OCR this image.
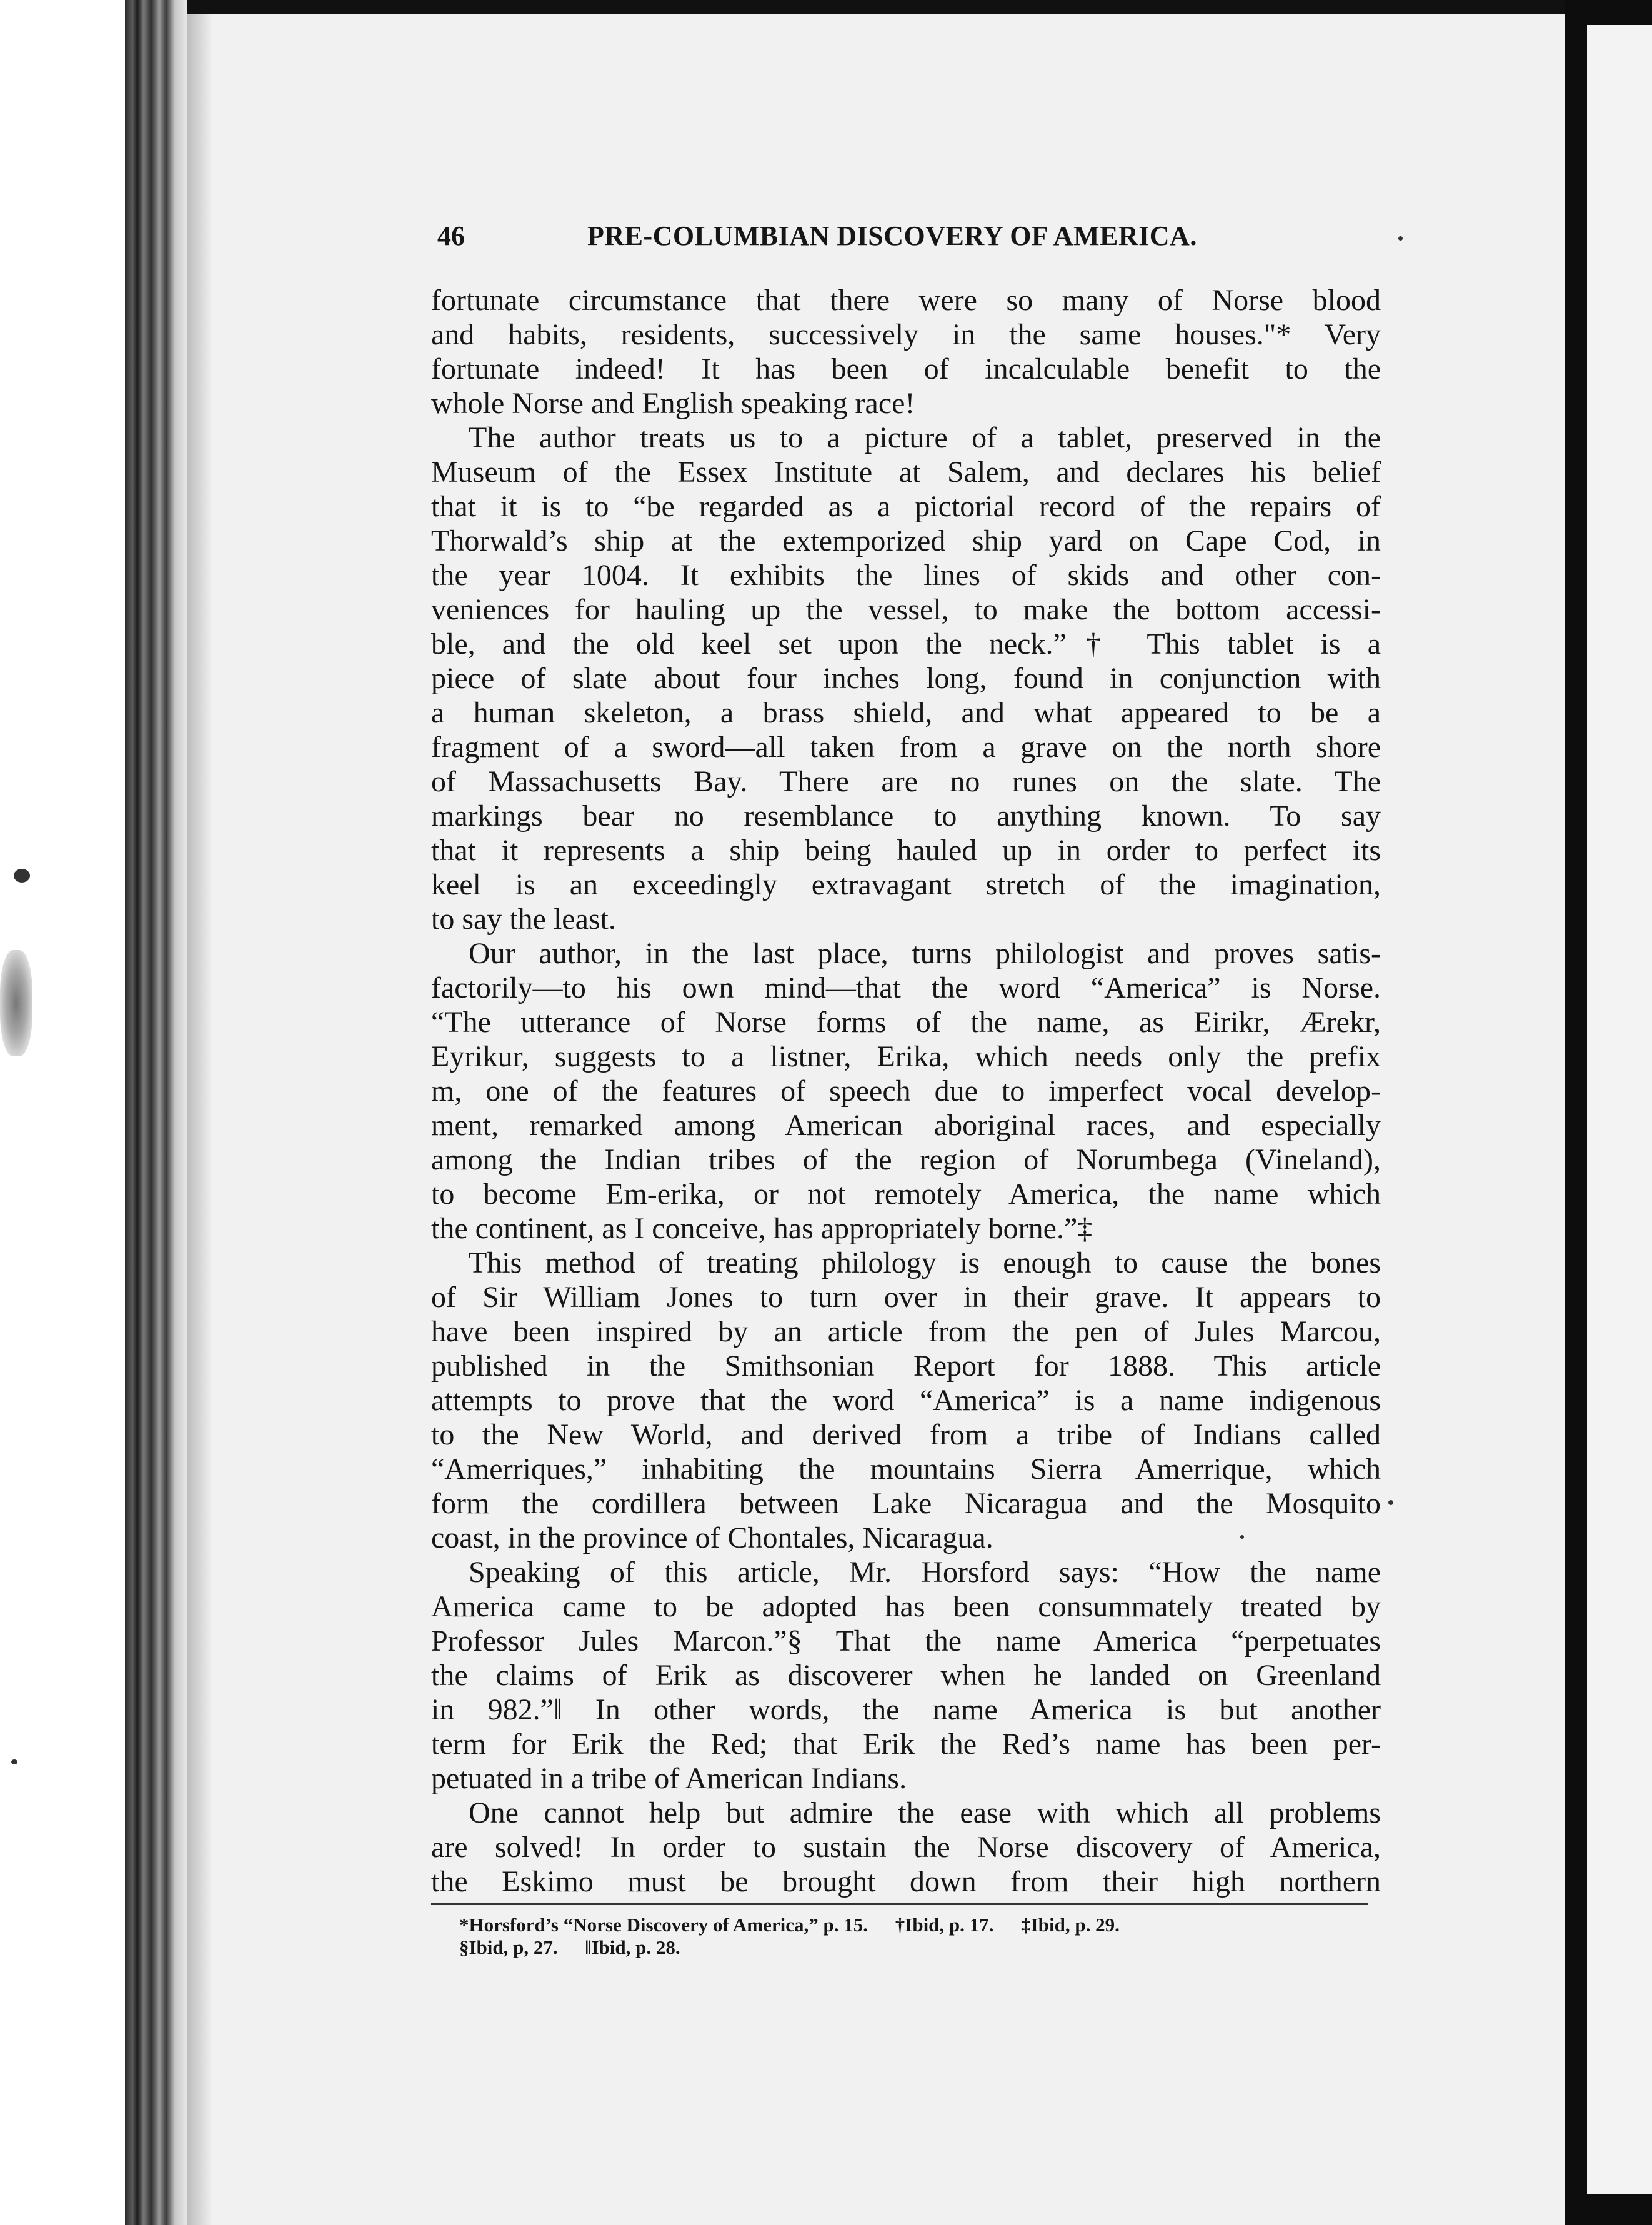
46	PRE-COLUMBIAN DISCOVERY OF AMERICA.
fortunate circumstance that there were so many of Norse blood
and habits, residents, successively in the same houses."* Very
fortunate indeed! It has been of incalculable benefit to the
whole Norse and English speaking race!
The author treats us to a picture of a tablet, preserved in the
Museum of the Essex Institute at Salem, and declares his belief
that it is to “be regarded as a pictorial record of the repairs of
Thorwald’s ship at the extemporized ship yard on Cape Cod, in
the year 1004. It exhibits the lines of skids and other con-
veniences for hauling up the vessel, to make the bottom accessi-
ble, and the old keel set upon the neck.”† This tablet is a
piece of slate about four inches long, found in conjunction with
a human skeleton, a brass shield, and what appeared to be a
fragment of a sword—all taken from a grave on the north shore
of Massachusetts Bay. There are no runes on the slate. The
markings bear no resemblance to anything known. To say
that it represents a ship being hauled up in order to perfect its
keel is an exceedingly extravagant stretch of the imagination,
to say the least.
Our author, in the last place, turns philologist and proves satis-
factorily—to his own mind—that the word “America” is Norse.
“The utterance of Norse forms of the name, as Eirikr, Ærekr,
Eyrikur, suggests to a listner, Erika, which needs only the prefix
m, one of the features of speech due to imperfect vocal develop-
ment, remarked among American aboriginal races, and especially
among the Indian tribes of the region of Norumbega (Vineland),
to become Em-erika, or not remotely America, the name which
the continent, as I conceive, has appropriately borne.”‡
This method of treating philology is enough to cause the bones
of Sir William Jones to turn over in their grave. It appears to
have been inspired by an article from the pen of Jules Marcou,
published in the Smithsonian Report for 1888. This article
attempts to prove that the word “America” is a name indigenous
to the New World, and derived from a tribe of Indians called
“Amerriques,” inhabiting the mountains Sierra Amerrique, which
form the cordillera between Lake Nicaragua and the Mosquito
coast, in the province of Chontales, Nicaragua.
Speaking of this article, Mr. Horsford says: “How the name
America came to be adopted has been consummately treated by
Professor Jules Marcon.”§ That the name America “perpetuates
the claims of Erik as discoverer when he landed on Greenland
in 982.”‖ In other words, the name America is but another
term for Erik the Red; that Erik the Red’s name has been per-
petuated in a tribe of American Indians.
One cannot help but admire the ease with which all problems
are solved! In order to sustain the Norse discovery of America,
the Eskimo must be brought down from their high northern
*Horsford’s “Norse Discovery of America,” p. 15. †Ibid, p. 17. ‡Ibid, p. 29.
§Ibid, p, 27. ‖Ibid, p. 28.
